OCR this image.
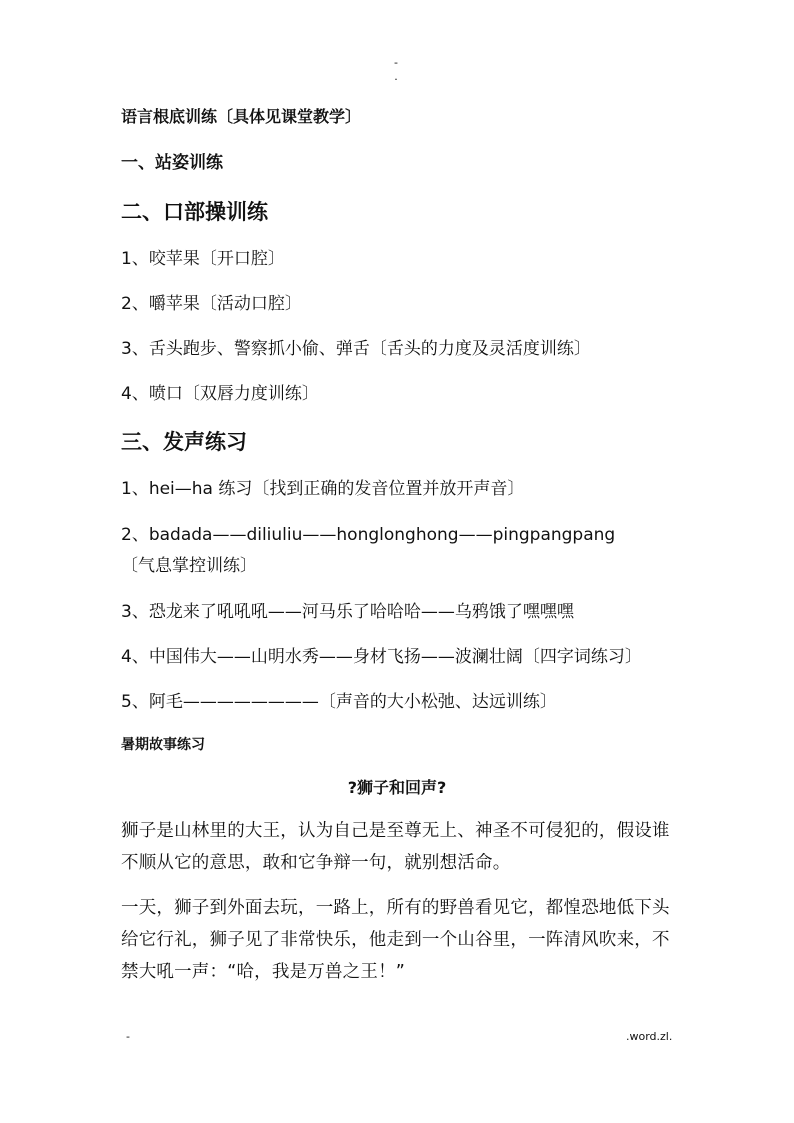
-
.
语言根底训练〔具体见课堂教学〕
一、站姿训练
二、口部操训练
1、咬苹果〔开口腔〕
2、嚼苹果〔活动口腔〕
3、舌头跑步、警察抓小偷、弹舌〔舌头的力度及灵活度训练〕
4、喷口〔双唇力度训练〕
三、发声练习
1、hei—ha 练习〔找到正确的发音位置并放开声音〕
2、badada——diliuliu——honglonghong——pingpangpang
〔气息掌控训练〕
3、恐龙来了吼吼吼——河马乐了哈哈哈——乌鸦饿了嘿嘿嘿
4、中国伟大——山明水秀——身材飞扬——波澜壮阔〔四字词练习〕
5、阿毛————————〔声音的大小松弛、达远训练〕
暑期故事练习
?狮子和回声?
狮子是山林里的大王，认为自己是至尊无上、神圣不可侵犯的，假设谁不顺从它的意思，敢和它争辩一句，就别想活命。
一天，狮子到外面去玩，一路上，所有的野兽看见它，都惶恐地低下头给它行礼，狮子见了非常快乐，他走到一个山谷里，一阵清风吹来，不禁大吼一声：“哈，我是万兽之王！”
-	.word.zl.
